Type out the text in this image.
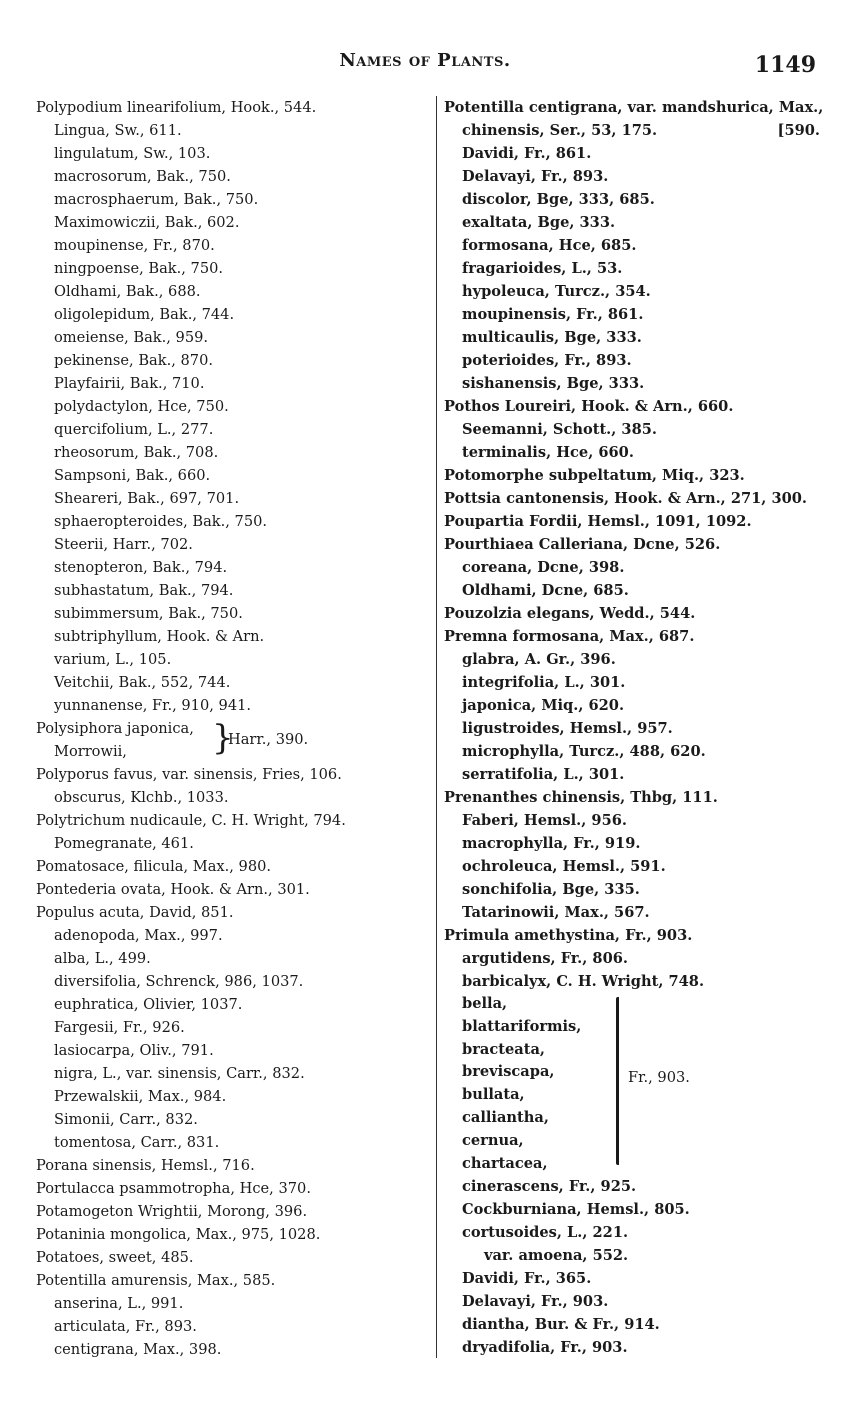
Names of Plants.	1149
Polypodium linearifolium, Hook., 544.
Lingua, Sw., 611.
lingulatum, Sw., 103.
macrosorum, Bak., 750.
macrosphaerum, Bak., 750.
Maximowiczii, Bak., 602.
moupinense, Fr., 870.
ningpoense, Bak., 750.
Oldhami, Bak., 688.
oligolepidum, Bak., 744.
omeiense, Bak., 959.
pekinense, Bak., 870.
Playfairii, Bak., 710.
polydactylon, Hce, 750.
quercifolium, L., 277.
rheosorum, Bak., 708.
Sampsoni, Bak., 660.
Sheareri, Bak., 697, 701.
sphaeropteroides, Bak., 750.
Steerii, Harr., 702.
stenopteron, Bak., 794.
subhastatum, Bak., 794.
subimmersum, Bak., 750.
subtriphyllum, Hook. & Arn.
varium, L., 105.
Veitchii, Bak., 552, 744.
yunnanense, Fr., 910, 941.
Polysiphora japonica,
Morrowii,	}
Harr., 390.
Polyporus favus, var. sinensis, Fries, 106.
obscurus, Klchb., 1033.
Polytrichum nudicaule, C. H. Wright, 794.
Pomegranate, 461.
Pomatosace, filicula, Max., 980.
Pontederia ovata, Hook. & Arn., 301.
Populus acuta, David, 851.
adenopoda, Max., 997.
alba, L., 499.
diversifolia, Schrenck, 986, 1037.
euphratica, Olivier, 1037.
Fargesii, Fr., 926.
lasiocarpa, Oliv., 791.
nigra, L., var. sinensis, Carr., 832.
Przewalskii, Max., 984.
Simonii, Carr., 832.
tomentosa, Carr., 831.
Porana sinensis, Hemsl., 716.
Portulacca psammotropha, Hce, 370.
Potamogeton Wrightii, Morong, 396.
Potaninia mongolica, Max., 975, 1028.
Potatoes, sweet, 485.
Potentilla amurensis, Max., 585.
anserina, L., 991.
articulata, Fr., 893.
centigrana, Max., 398.
Potentilla centigrana, var. mandshurica, Max.,
chinensis, Ser., 53, 175.	[590.
Davidi, Fr., 861.
Delavayi, Fr., 893.
discolor, Bge, 333, 685.
exaltata, Bge, 333.
formosana, Hce, 685.
fragarioides, L., 53.
hypoleuca, Turcz., 354.
moupinensis, Fr., 861.
multicaulis, Bge, 333.
poterioides, Fr., 893.
sishanensis, Bge, 333.
Pothos Loureiri, Hook. & Arn., 660.
Seemanni, Schott., 385.
terminalis, Hce, 660.
Potomorphe subpeltatum, Miq., 323.
Pottsia cantonensis, Hook. & Arn., 271, 300.
Poupartia Fordii, Hemsl., 1091, 1092.
Pourthiaea Calleriana, Dcne, 526.
coreana, Dcne, 398.
Oldhami, Dcne, 685.
Pouzolzia elegans, Wedd., 544.
Premna formosana, Max., 687.
glabra, A. Gr., 396.
integrifolia, L., 301.
japonica, Miq., 620.
ligustroides, Hemsl., 957.
microphylla, Turcz., 488, 620.
serratifolia, L., 301.
Prenanthes chinensis, Thbg, 111.
Faberi, Hemsl., 956.
macrophylla, Fr., 919.
ochroleuca, Hemsl., 591.
sonchifolia, Bge, 335.
Tatarinowii, Max., 567.
Primula amethystina, Fr., 903.
argutidens, Fr., 806.
barbicalyx, C. H. Wright, 748.
bella,
blattariformis,
bracteata,
breviscapa,
bullata,
calliantha,
cernua,
chartacea,
Fr., 903.
cinerascens, Fr., 925.
Cockburniana, Hemsl., 805.
cortusoides, L., 221.
var. amoena, 552.
Davidi, Fr., 365.
Delavayi, Fr., 903.
diantha, Bur. & Fr., 914.
dryadifolia, Fr., 903.
